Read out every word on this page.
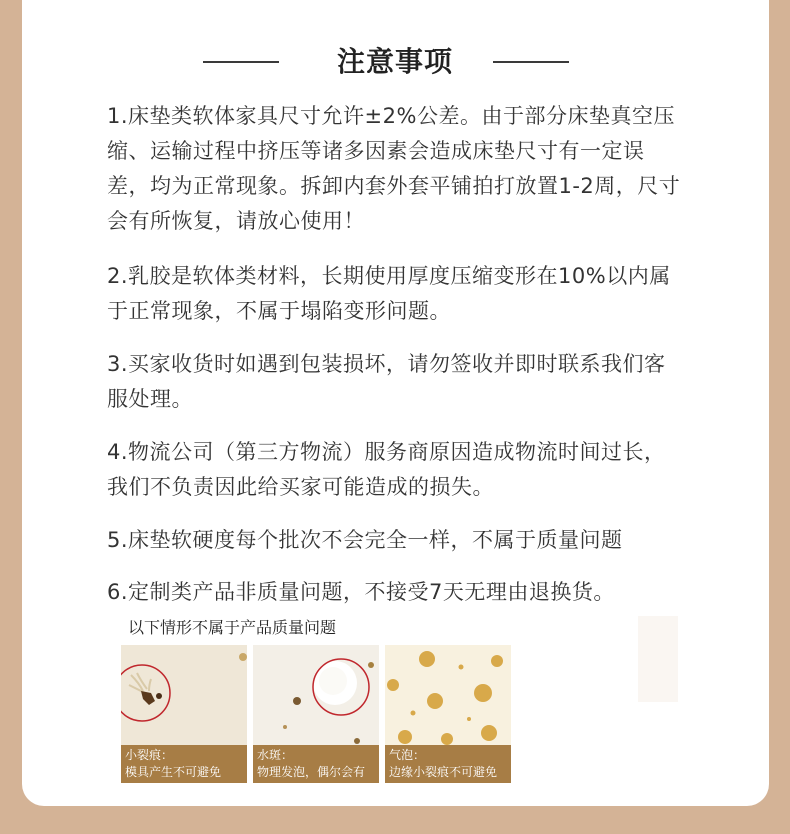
注意事项
1.床垫类软体家具尺寸允许±2%公差。由于部分床垫真空压缩、运输过程中挤压等诸多因素会造成床垫尺寸有一定误差，均为正常现象。拆卸内套外套平铺拍打放置1-2周，尺寸会有所恢复，请放心使用！
2.乳胶是软体类材料，长期使用厚度压缩变形在10%以内属于正常现象，不属于塌陷变形问题。
3.买家收货时如遇到包装损坏，请勿签收并即时联系我们客服处理。
4.物流公司（第三方物流）服务商原因造成物流时间过长，我们不负责因此给买家可能造成的损失。
5.床垫软硬度每个批次不会完全一样，不属于质量问题
6.定制类产品非质量问题，不接受7天无理由退换货。
以下情形不属于产品质量问题
小裂痕：
模具产生不可避免
水斑：
物理发泡，偶尔会有
气泡：
边缘小裂痕不可避免
